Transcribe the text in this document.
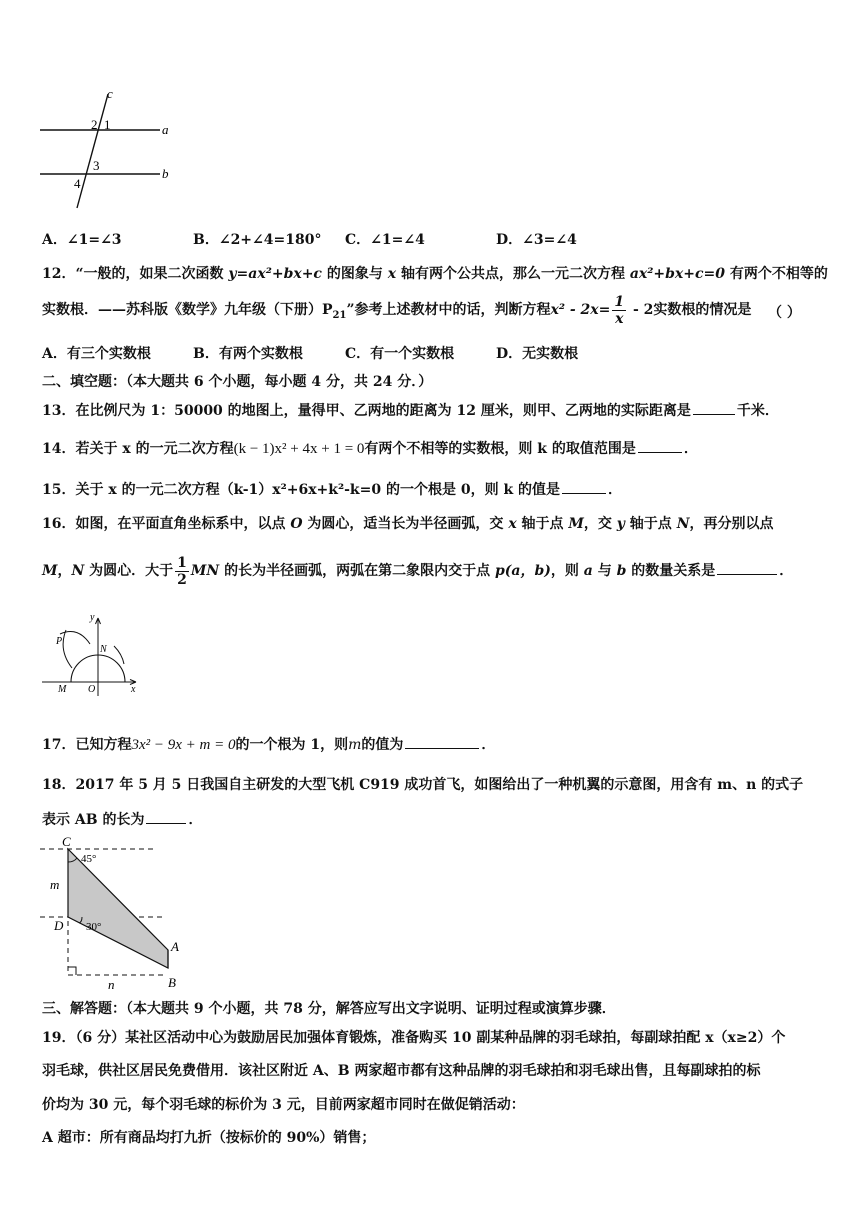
c
a
b
2 1
3
4
A．∠1=∠3	B．∠2+∠4=180° C．∠1=∠4	D．∠3=∠4
12．“一般的，如果二次函数 y=ax²+bx+c 的图象与 x 轴有两个公共点，那么一元二次方程 ax²+bx+c=0 有两个不相等的
实数根．——苏科版《数学》九年级（下册）$P_{21}$”参考上述教材中的话，判断方程$x^2 - 2x= \frac{1}{x} - 2$实数根的情况是 （ ）
A．有三个实数根	B．有两个实数根	C．有一个实数根	D．无实数根
二、填空题：（本大题共 6 个小题，每小题 4 分，共 24 分．）
13．在比例尺为 1：50000 的地图上，量得甲、乙两地的距离为 12 厘米，则甲、乙两地的实际距离是	千米．
14．若关于 x 的一元二次方程(k − 1)x² + 4x + 1 = 0有两个不相等的实数根，则 k 的取值范围是	．
15．关于 x 的一元二次方程（k-1）x²+6x+k²-k=0 的一个根是 0，则 k 的值是	．
16．如图，在平面直角坐标系中，以点 O 为圆心，适当长为半径画弧，交 x 轴于点 M，交 y 轴于点 N，再分别以点
M，N 为圆心．大于 $\frac{1}{2}$ MN 的长为半径画弧，两弧在第二象限内交于点 p(a，b)，则 a 与 b 的数量关系是	．
y
x
P
N
M O
17．已知方程3x² − 9x + m = 0的一个根为 1，则m的值为	．
18．2017 年 5 月 5 日我国自主研发的大型飞机 C919 成功首飞，如图给出了一种机翼的示意图，用含有 m、n 的式子
表示 AB 的长为	．
C
D
A
B
m
n
45°
30°
三、解答题：（本大题共 9 个小题，共 78 分，解答应写出文字说明、证明过程或演算步骤．
19．（6 分）某社区活动中心为鼓励居民加强体育锻炼，准备购买 10 副某种品牌的羽毛球拍，每副球拍配 x（x≥2）个
羽毛球，供社区居民免费借用．该社区附近 A、B 两家超市都有这种品牌的羽毛球拍和羽毛球出售，且每副球拍的标
价均为 30 元，每个羽毛球的标价为 3 元，目前两家超市同时在做促销活动：
A 超市：所有商品均打九折（按标价的 90%）销售；
